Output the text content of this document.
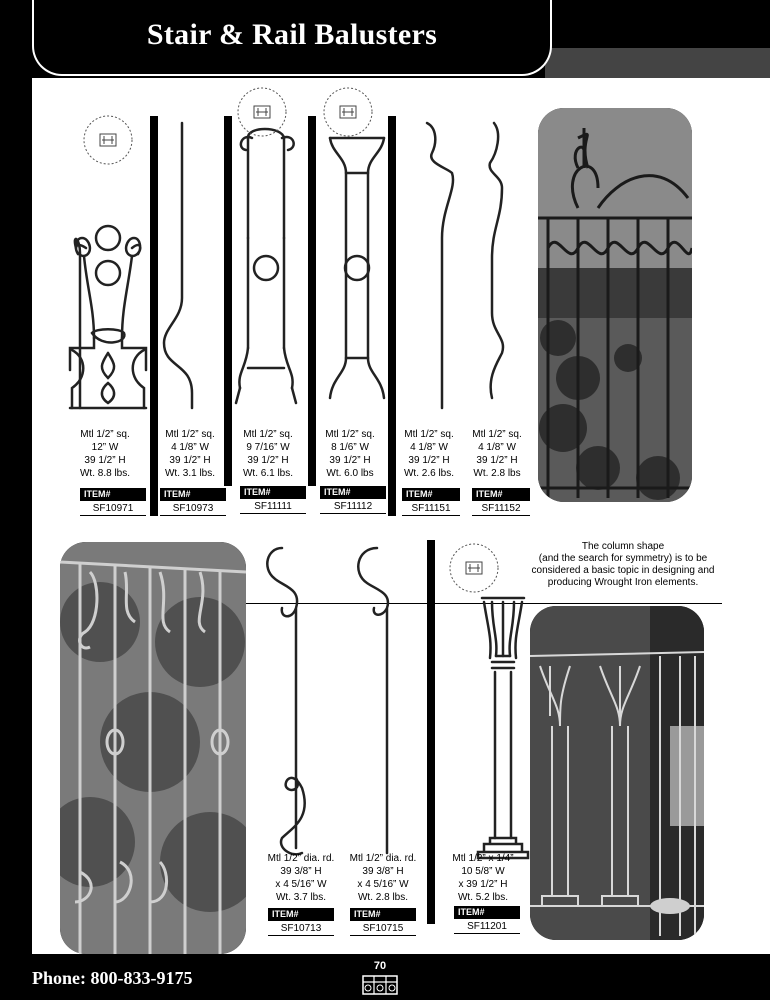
Stair & Rail Balusters
Mtl 1/2” sq.
12” W
39 1/2” H
Wt. 8.8 lbs.
ITEM#
SF10971
Mtl 1/2” sq.
4 1/8” W
39 1/2” H
Wt. 3.1 lbs.
ITEM#
SF10973
Mtl 1/2” sq.
9 7/16” W
39 1/2” H
Wt. 6.1 lbs.
ITEM#
SF11111
Mtl 1/2” sq.
8 1/6” W
39 1/2” H
Wt. 6.0 lbs
ITEM#
SF11112
Mtl 1/2” sq.
4 1/8” W
39 1/2” H
Wt. 2.6 lbs.
ITEM#
SF11151
Mtl 1/2” sq.
4 1/8” W
39 1/2” H
Wt. 2.8 lbs
ITEM#
SF11152
Mtl 1/2” dia. rd.
39 3/8” H
x 4 5/16” W
Wt. 3.7 lbs.
ITEM#
SF10713
Mtl 1/2” dia. rd.
39 3/8” H
x 4 5/16” W
Wt. 2.8 lbs.
ITEM#
SF10715
Mtl 1/2” x 1/4”
10 5/8” W
x 39 1/2” H
Wt. 5.2 lbs.
ITEM#
SF11201
The column shape
(and the search for symmetry) is to be
considered a basic topic in designing and
producing Wrought Iron elements.
Phone: 800-833-9175
70
